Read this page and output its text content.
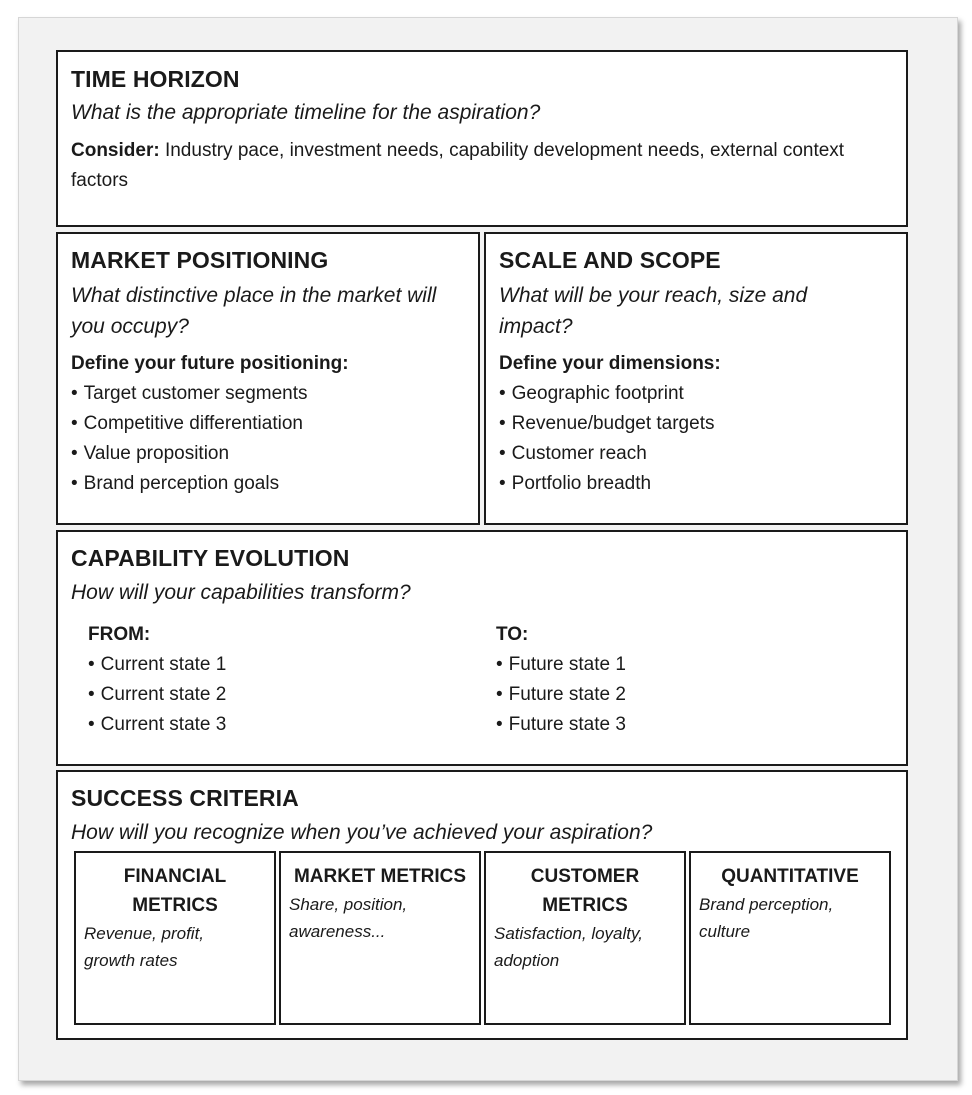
TIME HORIZON
What is the appropriate timeline for the aspiration?
Consider: Industry pace, investment needs, capability development needs, external context factors
MARKET POSITIONING
What distinctive place in the market will you occupy?
Define your future positioning:
• Target customer segments
• Competitive differentiation
• Value proposition
• Brand perception goals
SCALE AND SCOPE
What will be your reach, size and impact?
Define your dimensions:
• Geographic footprint
• Revenue/budget targets
• Customer reach
• Portfolio breadth
CAPABILITY EVOLUTION
How will your capabilities transform?
FROM:
• Current state 1
• Current state 2
• Current state 3
TO:
• Future state 1
• Future state 2
• Future state 3
SUCCESS CRITERIA
How will you recognize when you’ve achieved your aspiration?
FINANCIAL METRICS
Revenue, profit, growth rates
MARKET METRICS
Share, position, awareness...
CUSTOMER METRICS
Satisfaction, loyalty, adoption
QUANTITATIVE
Brand perception, culture
